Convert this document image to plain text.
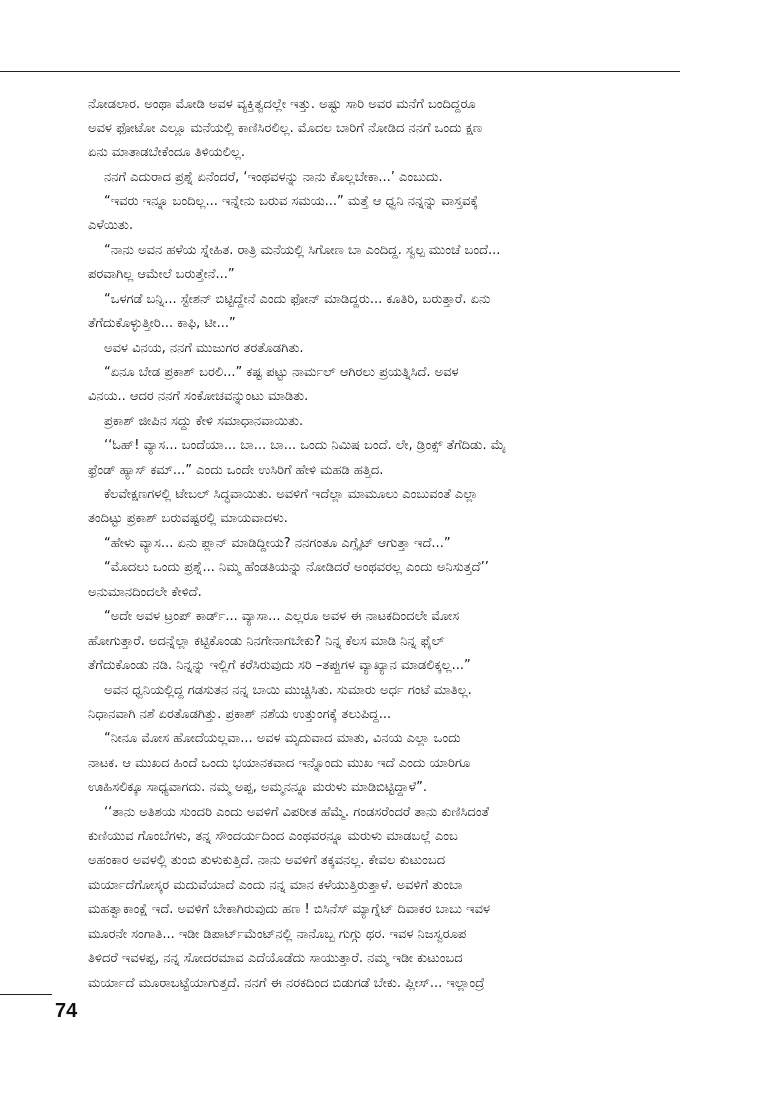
ನೋಡಲಾರ. ಅಂಥಾ ಮೋಡಿ ಅವಳ ವ್ಯಕ್ತಿತ್ವದಲ್ಲೇ ಇತ್ತು. ಅಷ್ಟು ಸಾರಿ ಅವರ ಮನೆಗೆ ಬಂದಿದ್ದರೂ
ಅವಳ ಫೋಟೋ ಎಲ್ಲೂ ಮನೆಯಲ್ಲಿ ಕಾಣಿಸಿರಲಿಲ್ಲ. ಮೊದಲ ಬಾರಿಗೆ ನೋಡಿದ ನನಗೆ ಒಂದು ಕ್ಷಣ
ಏನು ಮಾತಾಡಬೇಕೆಂದೂ ತಿಳಿಯಲಿಲ್ಲ.
ನನಗೆ ಎದುರಾದ ಪ್ರಶ್ನೆ ಏನೆಂದರೆ, ‘ಇಂಥವಳನ್ನು ನಾನು ಕೊಲ್ಲಬೇಕಾ...’ ಎಂಬುದು.
“ಇವರು ಇನ್ನೂ ಬಂದಿಲ್ಲ... ಇನ್ನೇನು ಬರುವ ಸಮಯ...” ಮತ್ತೆ ಆ ಧ್ವನಿ ನನ್ನನ್ನು ವಾಸ್ತವಕ್ಕೆ
ಎಳೆಯಿತು.
“ನಾನು ಅವನ ಹಳೆಯ ಸ್ನೇಹಿತ. ರಾತ್ರಿ ಮನೆಯಲ್ಲಿ ಸಿಗೋಣ ಬಾ ಎಂದಿದ್ದ. ಸ್ವಲ್ಪ ಮುಂಚೆ ಬಂದೆ...
ಪರವಾಗಿಲ್ಲ ಆಮೇಲೆ ಬರುತ್ತೇನೆ...”
“ಒಳಗಡೆ ಬನ್ನಿ... ಸ್ಟೇಶನ್ ಬಿಟ್ಟಿದ್ದೇನೆ ಎಂದು ಫೋನ್ ಮಾಡಿದ್ದರು... ಕೂತಿರಿ, ಬರುತ್ತಾರೆ. ಏನು
ತೆಗೆದುಕೊಳ್ಳುತ್ತೀರಿ... ಕಾಫಿ, ಟೀ...”
ಅವಳ ವಿನಯ, ನನಗೆ ಮುಜುಗರ ತರತೊಡಗಿತು.
“ಏನೂ ಬೇಡ ಪ್ರಕಾಶ್ ಬರಲಿ...” ಕಷ್ಟ ಪಟ್ಟು ನಾರ್ಮಲ್ ಆಗಿರಲು ಪ್ರಯತ್ನಿಸಿದೆ. ಅವಳ
ವಿನಯ.. ಆದರ ನನಗೆ ಸಂಕೋಚವನ್ನುಂಟು ಮಾಡಿತು.
ಪ್ರಕಾಶ್ ಜೀಪಿನ ಸದ್ದು ಕೇಳಿ ಸಮಾಧಾನವಾಯಿತು.
‘‘ಓಹ್! ವ್ಯಾಸ... ಬಂದೆಯಾ... ಬಾ... ಬಾ... ಒಂದು ನಿಮಿಷ ಬಂದೆ. ಲೇ, ಡ್ರಿಂಕ್ಸ್ ತೆಗೆದಿಡು. ಮೈ
ಫ್ರೆಂಡ್ ಹ್ಯಾಸ್ ಕಮ್...” ಎಂದು ಒಂದೇ ಉಸಿರಿಗೆ ಹೇಳಿ ಮಹಡಿ ಹತ್ತಿದ.
ಕೆಲವೇಕ್ಷಣಗಳಲ್ಲಿ ಟೇಬಲ್ ಸಿದ್ಧವಾಯಿತು. ಅವಳಿಗೆ ಇದೆಲ್ಲಾ ಮಾಮೂಲು ಎಂಬುವಂತೆ ಎಲ್ಲಾ
ತಂದಿಟ್ಟು ಪ್ರಕಾಶ್ ಬರುವಷ್ಟರಲ್ಲಿ ಮಾಯವಾದಳು.
“ಹೇಳು ವ್ಯಾಸ... ಏನು ಪ್ಲಾನ್ ಮಾಡಿದ್ದೀಯ? ನನಗಂತೂ ಎಗ್ಸೈಟ್ ಆಗುತ್ತಾ ಇದೆ...”
“ಮೊದಲು ಒಂದು ಪ್ರಶ್ನೆ... ನಿಮ್ಮ ಹೆಂಡತಿಯನ್ನು ನೋಡಿದರೆ ಅಂಥವರಲ್ಲ ಎಂದು ಅನಿಸುತ್ತದೆ’’
ಅನುಮಾನದಿಂದಲೇ ಕೇಳಿದೆ.
“ಅದೇ ಅವಳ ಟ್ರಂಪ್ ಕಾರ್ಡ್... ವ್ಯಾಸಾ... ಎಲ್ಲರೂ ಅವಳ ಈ ನಾಟಕದಿಂದಲೇ ಮೋಸ
ಹೋಗುತ್ತಾರೆ. ಅದನ್ನೆಲ್ಲಾ ಕಟ್ಟಿಕೊಂಡು ನಿನಗೇನಾಗಬೇಕು? ನಿನ್ನ ಕೆಲಸ ಮಾಡಿ ನಿನ್ನ ಫೈಲ್
ತೆಗೆದುಕೊಂಡು ನಡಿ. ನಿನ್ನನ್ನು ಇಲ್ಲಿಗೆ ಕರೆಸಿರುವುದು ಸರಿ –ತಪ್ಪುಗಳ ವ್ಯಾಖ್ಯಾನ ಮಾಡಲಿಕ್ಕಲ್ಲ...”
ಅವನ ಧ್ವನಿಯಲ್ಲಿದ್ದ ಗಡಸುತನ ನನ್ನ ಬಾಯಿ ಮುಚ್ಚಿಸಿತು. ಸುಮಾರು ಅರ್ಧ ಗಂಟೆ ಮಾತಿಲ್ಲ.
ನಿಧಾನವಾಗಿ ನಶೆ ಏರತೊಡಗಿತ್ತು. ಪ್ರಕಾಶ್ ನಶೆಯ ಉತ್ತುಂಗಕ್ಕೆ ತಲುಪಿದ್ದ...
“ನೀನೂ ಮೋಸ ಹೋದೆಯಲ್ಲವಾ... ಅವಳ ಮೃದುವಾದ ಮಾತು, ವಿನಯ ಎಲ್ಲಾ ಒಂದು
ನಾಟಕ. ಆ ಮುಖದ ಹಿಂದೆ ಒಂದು ಭಯಾನಕವಾದ ಇನ್ನೊಂದು ಮುಖ ಇದೆ ಎಂದು ಯಾರಿಗೂ
ಊಹಿಸಲಿಕ್ಕೂ ಸಾಧ್ಯವಾಗದು. ನಮ್ಮ ಅಪ್ಪ, ಅಮ್ಮನನ್ನೂ ಮರುಳು ಮಾಡಿಬಿಟ್ಟಿದ್ದಾಳೆ”.
‘‘ತಾನು ಅತಿಶಯ ಸುಂದರಿ ಎಂದು ಅವಳಿಗೆ ವಿಪರೀತ ಹೆಮ್ಮೆ. ಗಂಡಸರೆಂದರೆ ತಾನು ಕುಣಿಸಿದಂತೆ
ಕುಣಿಯುವ ಗೊಂಬೆಗಳು, ತನ್ನ ಸೌಂದರ್ಯದಿಂದ ಎಂಥವರನ್ನೂ ಮರುಳು ಮಾಡಬಲ್ಲೆ ಎಂಬ
ಅಹಂಕಾರ ಅವಳಲ್ಲಿ ತುಂಬಿ ತುಳುಕುತ್ತಿದೆ. ನಾನು ಅವಳಿಗೆ ತಕ್ಕವನಲ್ಲ. ಕೇವಲ ಕುಟುಂಬದ
ಮರ್ಯಾದೆಗೋಸ್ಕರ ಮದುವೆಯಾದೆ ಎಂದು ನನ್ನ ಮಾನ ಕಳೆಯುತ್ತಿರುತ್ತಾಳೆ. ಅವಳಿಗೆ ತುಂಬಾ
ಮಹತ್ವಾಕಾಂಕ್ಷೆ ಇದೆ. ಅವಳಿಗೆ ಬೇಕಾಗಿರುವುದು ಹಣ ! ಬಿಸಿನೆಸ್ ಮ್ಯಾಗ್ನೆಟ್ ದಿವಾಕರ ಬಾಬು ಇವಳ
ಮೂರನೇ ಸಂಗಾತಿ... ಇಡೀ ಡಿಪಾರ್ಟ್‌ಮೆಂಟ್‌ನಲ್ಲಿ ನಾನೊಬ್ಬ ಗುಗ್ಗು ಥರ. ಇವಳ ನಿಜಸ್ವರೂಪ
ತಿಳಿದರೆ ಇವಳಪ್ಪ, ನನ್ನ ಸೋದರಮಾವ ಎದೆಯೊಡೆದು ಸಾಯುತ್ತಾರೆ. ನಮ್ಮ ಇಡೀ ಕುಟುಂಬದ
ಮರ್ಯಾದೆ ಮೂರಾಬಟ್ಟೆಯಾಗುತ್ತದೆ. ನನಗೆ ಈ ನರಕದಿಂದ ಬಿಡುಗಡೆ ಬೇಕು. ಪ್ಲೀಸ್... ಇಲ್ಲಾಂದ್ರೆ
74
